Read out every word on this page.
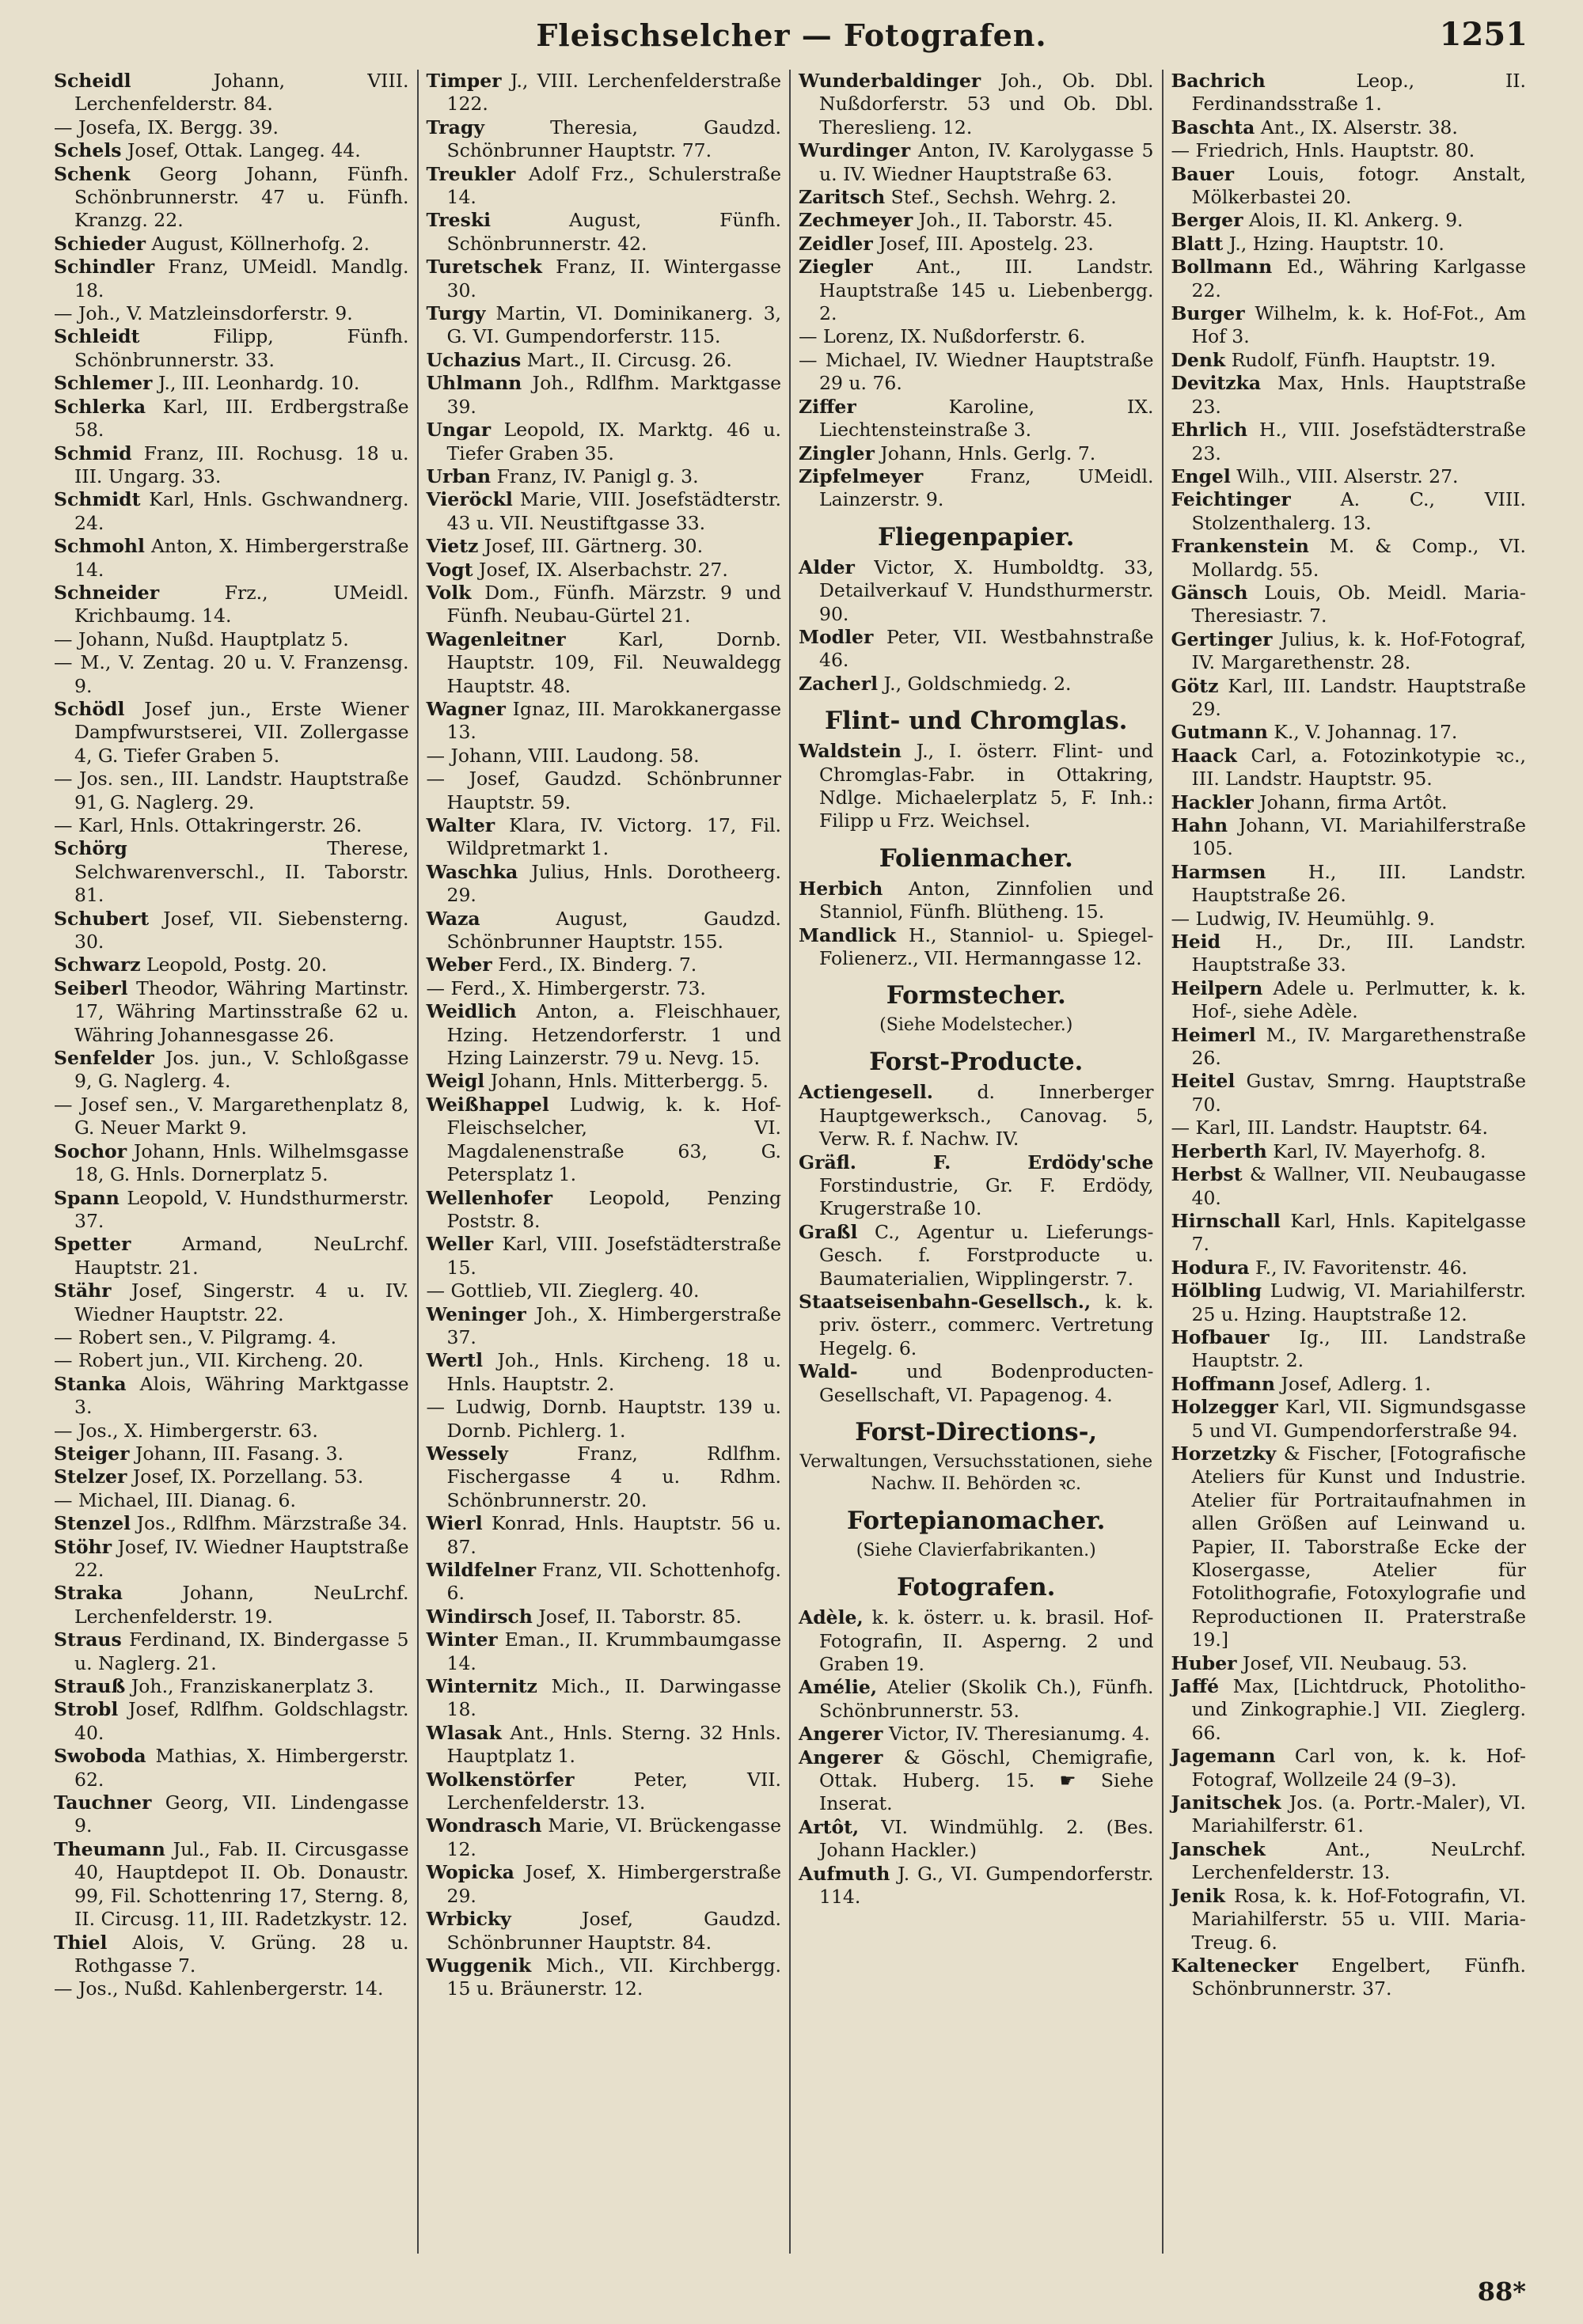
Fleischselcher — Fotografen.	1251

Scheidl	Johann, VIII. Lerchenfelderstr. 84.

— Josefa, IX. Bergg. 39.

Schels Josef, Ottak. Langeg. 44.

Schenk Georg Johann, Fünfh. Schönbrunnerstr. 47 u. Fünfh. Kranzg. 22.

Schieder August, Köllnerhofg. 2.

Schindler Franz, UMeidl. Mandlg. 18.

— Joh., V. Matzleinsdorferstr. 9.

Schleidt	Filipp, Fünfh. Schönbrunnerstr. 33.

Schlemer J., III. Leonhardg. 10.

Schlerka Karl, III. Erdbergstraße 58.

Schmid Franz, III. Rochusg. 18 u. III. Ungarg. 33.

Schmidt Karl, Hnls. Gschwandnerg. 24.

Schmohl Anton, X. Himbergerstraße 14.

Schneider	Frz., UMeidl. Krichbaumg. 14.

— Johann, Nußd. Hauptplatz 5.

— M., V. Zentag. 20 u. V. Franzensg. 9.

Schödl Josef jun., Erste Wiener Dampfwurstserei, VII. Zollergasse 4, G. Tiefer Graben 5.

— Jos. sen., III. Landstr. Hauptstraße 91, G. Naglerg. 29.

— Karl, Hnls. Ottakringerstr. 26.

Schörg	Therese, Selchwarenverschl., II. Taborstr. 81.

Schubert Josef, VII. Siebensterng. 30.

Schwarz Leopold, Postg. 20.

Seiberl Theodor, Währing Martinstr. 17, Währing Martinsstraße 62 u. Währing Johannesgasse 26.

Senfelder Jos. jun., V. Schloßgasse 9, G. Naglerg. 4.

— Josef sen., V. Margarethenplatz 8, G. Neuer Markt 9.

Sochor Johann, Hnls. Wilhelmsgasse 18, G. Hnls. Dornerplatz 5.

Spann Leopold, V. Hundsthurmerstr. 37.

Spetter	Armand, NeuLrchf. Hauptstr. 21.

Stähr Josef, Singerstr. 4 u. IV. Wiedner Hauptstr. 22.

— Robert sen., V. Pilgramg. 4.

— Robert jun., VII. Kircheng. 20.

Stanka Alois, Währing Marktgasse 3.

— Jos., X. Himbergerstr. 63.

Steiger Johann, III. Fasang. 3.

Stelzer Josef, IX. Porzellang. 53.

— Michael, III. Dianag. 6.

Stenzel Jos., Rdlfhm. Märzstraße 34.

Stöhr Josef, IV. Wiedner Hauptstraße 22.

Straka	Johann, NeuLrchf. Lerchenfelderstr. 19.

Straus Ferdinand, IX. Bindergasse 5 u. Naglerg. 21.

Strauß Joh., Franziskanerplatz 3.

Strobl Josef, Rdlfhm. Goldschlagstr. 40.

Swoboda Mathias, X. Himbergerstr. 62.

Tauchner Georg, VII. Lindengasse 9.

Theumann Jul., Fab. II. Circusgasse 40, Hauptdepot II. Ob. Donaustr. 99, Fil. Schottenring 17, Sterng. 8, II. Circusg. 11, III. Radetzkystr. 12.

Thiel Alois, V. Grüng. 28 u. Rothgasse 7.

— Jos., Nußd. Kahlenbergerstr. 14.

Timper J., VIII. Lerchenfelderstraße 122.

Tragy	Theresia, Gaudzd. Schönbrunner Hauptstr. 77.

Treukler Adolf Frz., Schulerstraße 14.

Treski	August, Fünfh. Schönbrunnerstr. 42.

Turetschek Franz, II. Wintergasse 30.

Turgy Martin, VI. Dominikanerg. 3, G. VI. Gumpendorferstr. 115.

Uchazius Mart., II. Circusg. 26.

Uhlmann Joh., Rdlfhm. Marktgasse 39.

Ungar Leopold, IX. Marktg. 46 u. Tiefer Graben 35.

Urban Franz, IV. Panigl g. 3.

Vieröckl Marie, VIII. Josefstädterstr. 43 u. VII. Neustiftgasse 33.

Vietz Josef, III. Gärtnerg. 30.

Vogt Josef, IX. Alserbachstr. 27.

Volk Dom., Fünfh. Märzstr. 9 und Fünfh. Neubau-Gürtel 21.

Wagenleitner	Karl, Dornb. Hauptstr. 109, Fil. Neuwaldegg Hauptstr. 48.

Wagner Ignaz, III. Marokkanergasse 13.

— Johann, VIII. Laudong. 58.

— Josef, Gaudzd. Schönbrunner Hauptstr. 59.

Walter Klara, IV. Victorg. 17, Fil. Wildpretmarkt 1.

Waschka Julius, Hnls. Dorotheerg. 29.

Waza	August, Gaudzd. Schönbrunner Hauptstr. 155.

Weber Ferd., IX. Binderg. 7.

— Ferd., X. Himbergerstr. 73.

Weidlich Anton, a. Fleischhauer, Hzing. Hetzendorferstr. 1 und Hzing Lainzerstr. 79 u. Nevg. 15.

Weigl Johann, Hnls. Mitterbergg. 5.

Weißhappel Ludwig, k. k. Hof-Fleischselcher, VI. Magdalenenstraße 63, G. Petersplatz 1.

Wellenhofer Leopold, Penzing Poststr. 8.

Weller Karl, VIII. Josefstädterstraße 15.

— Gottlieb, VII. Zieglerg. 40.

Weninger Joh., X. Himbergerstraße 37.

Wertl Joh., Hnls. Kircheng. 18 u. Hnls. Hauptstr. 2.

— Ludwig, Dornb. Hauptstr. 139 u. Dornb. Pichlerg. 1.

Wessely	Franz, Rdlfhm. Fischergasse 4 u. Rdhm. Schönbrunnerstr. 20.

Wierl Konrad, Hnls. Hauptstr. 56 u. 87.

Wildfelner Franz, VII. Schottenhofg. 6.

Windirsch Josef, II. Taborstr. 85.

Winter Eman., II. Krummbaumgasse 14.

Winternitz Mich., II. Darwingasse 18.

Wlasak Ant., Hnls. Sterng. 32 Hnls. Hauptplatz 1.

Wolkenstörfer	Peter, VII. Lerchenfelderstr. 13.

Wondrasch Marie, VI. Brückengasse 12.

Wopicka Josef, X. Himbergerstraße 29.

Wrbicky	Josef, Gaudzd. Schönbrunner Hauptstr. 84.

Wuggenik Mich., VII. Kirchbergg. 15 u. Bräunerstr. 12.

Wunderbaldinger Joh., Ob. Dbl. Nußdorferstr. 53 und Ob. Dbl. Thereslieng. 12.

Wurdinger Anton, IV. Karolygasse 5 u. IV. Wiedner Hauptstraße 63.

Zaritsch Stef., Sechsh. Wehrg. 2.

Zechmeyer Joh., II. Taborstr. 45.

Zeidler Josef, III. Apostelg. 23.

Ziegler Ant., III. Landstr. Hauptstraße 145 u. Liebenbergg. 2.

— Lorenz, IX. Nußdorferstr. 6.

— Michael, IV. Wiedner Hauptstraße 29 u. 76.

Ziffer	Karoline, IX. Liechtensteinstraße 3.

Zingler Johann, Hnls. Gerlg. 7.

Zipfelmeyer	Franz, UMeidl. Lainzerstr. 9.

Fliegenpapier.

Alder Victor, X. Humboldtg. 33, Detailverkauf V. Hundsthurmerstr. 90.

Modler Peter, VII. Westbahnstraße 46.

Zacherl J., Goldschmiedg. 2.

Flint- und Chromglas.

Waldstein J., I. österr. Flint- und Chromglas-Fabr. in Ottakring, Ndlge. Michaelerplatz 5, F. Inh.: Filipp u Frz. Weichsel.

Folienmacher.

Herbich Anton, Zinnfolien und Stanniol, Fünfh. Blütheng. 15.

Mandlick H., Stanniol- u. Spiegel-Folienerz., VII. Hermanngasse 12.

Formstecher.
(Siehe Modelstecher.)
Forst-Producte.

Actiengesell. d. Innerberger Hauptgewerksch., Canovag. 5, Verw. R. f. Nachw. IV.

Gräfl. F. Erdödy'sche Forstindustrie, Gr. F. Erdödy, Krugerstraße 10.

Graßl C., Agentur u. Lieferungs-Gesch. f. Forstproducte u. Baumaterialien, Wipplingerstr. 7.

Staatseisenbahn-Gesellsch., k. k. priv. österr., commerc. Vertretung Hegelg. 6.

Wald-	und Bodenproducten-Gesellschaft, VI. Papagenog. 4.

Forst-Directions-,
Verwaltungen, Versuchsstationen, siehe Nachw. II. Behörden ꝛc.
Fortepianomacher.
(Siehe Clavierfabrikanten.)
Fotografen.

Adèle, k. k. österr. u. k. brasil. Hof-Fotografin, II. Asperng. 2 und Graben 19.

Amélie, Atelier (Skolik Ch.), Fünfh. Schönbrunnerstr. 53.

Angerer Victor, IV. Theresianumg. 4.

Angerer & Göschl, Chemigrafie, Ottak. Huberg. 15. ☛ Siehe Inserat.

Artôt, VI. Windmühlg. 2. (Bes. Johann Hackler.)

Aufmuth J. G., VI. Gumpendorferstr. 114.

Bachrich	Leop., II. Ferdinandsstraße 1.

Baschta Ant., IX. Alserstr. 38.

— Friedrich, Hnls. Hauptstr. 80.

Bauer Louis, fotogr. Anstalt, Mölkerbastei 20.

Berger Alois, II. Kl. Ankerg. 9.

Blatt J., Hzing. Hauptstr. 10.

Bollmann Ed., Währing Karlgasse 22.

Burger Wilhelm, k. k. Hof-Fot., Am Hof 3.

Denk Rudolf, Fünfh. Hauptstr. 19.

Devitzka Max, Hnls. Hauptstraße 23.

Ehrlich H., VIII. Josefstädterstraße 23.

Engel Wilh., VIII. Alserstr. 27.

Feichtinger	A. C., VIII. Stolzenthalerg. 13.

Frankenstein M. & Comp., VI. Mollardg. 55.

Gänsch Louis, Ob. Meidl. Maria-Theresiastr. 7.

Gertinger Julius, k. k. Hof-Fotograf, IV. Margarethenstr. 28.

Götz Karl, III. Landstr. Hauptstraße 29.

Gutmann K., V. Johannag. 17.

Haack Carl, a. Fotozinkotypie ꝛc., III. Landstr. Hauptstr. 95.

Hackler Johann, firma Artôt.

Hahn Johann, VI. Mariahilferstraße 105.

Harmsen H., III. Landstr. Hauptstraße 26.

— Ludwig, IV. Heumühlg. 9.

Heid H., Dr., III. Landstr. Hauptstraße 33.

Heilpern Adele u. Perlmutter, k. k. Hof-, siehe Adèle.

Heimerl M., IV. Margarethenstraße 26.

Heitel Gustav, Smrng. Hauptstraße 70.

— Karl, III. Landstr. Hauptstr. 64.

Herberth Karl, IV. Mayerhofg. 8.

Herbst & Wallner, VII. Neubaugasse 40.

Hirnschall Karl, Hnls. Kapitelgasse 7.

Hodura F., IV. Favoritenstr. 46.

Hölbling Ludwig, VI. Mariahilferstr. 25 u. Hzing. Hauptstraße 12.

Hofbauer Ig., III. Landstraße Hauptstr. 2.

Hoffmann Josef, Adlerg. 1.

Holzegger Karl, VII. Sigmundsgasse 5 und VI. Gumpendorferstraße 94.

Horzetzky & Fischer, [Fotografische Ateliers für Kunst und Industrie. Atelier für Portraitaufnahmen in allen Größen auf Leinwand u. Papier, II. Taborstraße Ecke der Klosergasse, Atelier für Fotolithografie, Fotoxylografie und Reproductionen II. Praterstraße 19.]

Huber Josef, VII. Neubaug. 53.

Jaffé Max, [Lichtdruck, Photolitho- und Zinkographie.] VII. Zieglerg. 66.

Jagemann Carl von, k. k. Hof-Fotograf, Wollzeile 24 (9–3).

Janitschek Jos. (a. Portr.-Maler), VI. Mariahilferstr. 61.

Janschek	Ant., NeuLrchf. Lerchenfelderstr. 13.

Jenik Rosa, k. k. Hof-Fotografin, VI. Mariahilferstr. 55 u. VIII. Maria-Treug. 6.

Kaltenecker Engelbert, Fünfh. Schönbrunnerstr. 37.

88*
